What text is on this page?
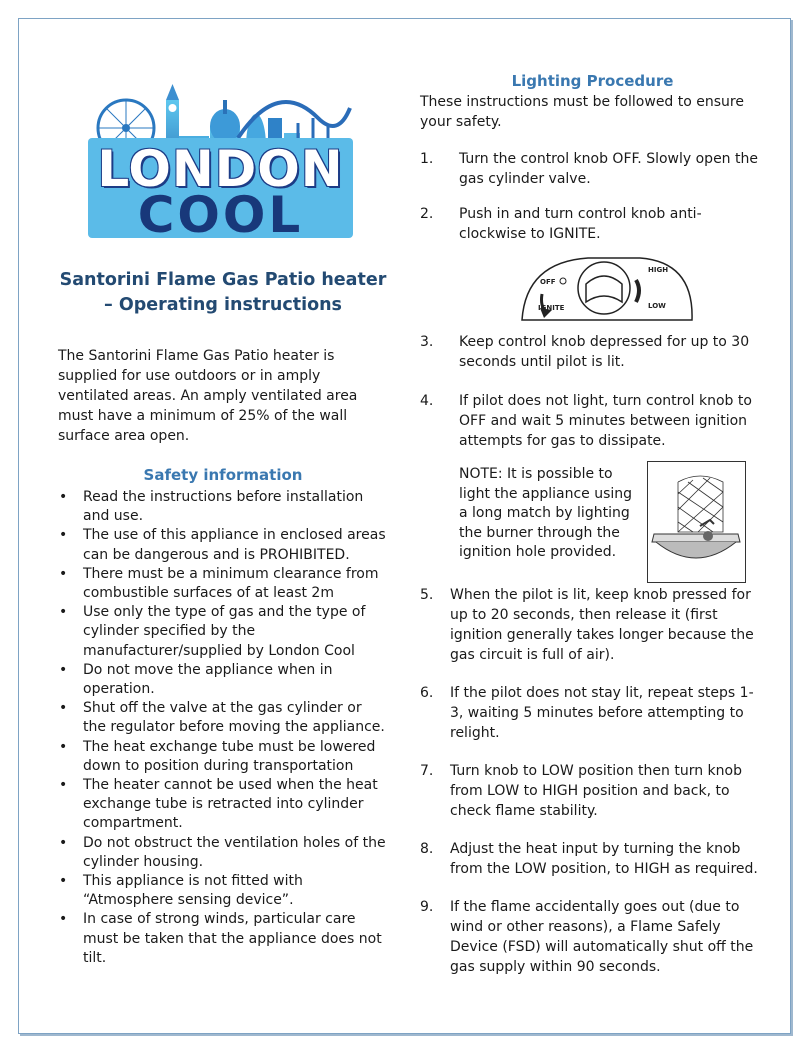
LONDON
COOL
Santorini Flame Gas Patio heater – Operating instructions

The Santorini Flame Gas Patio heater is supplied for use outdoors or in amply ventilated areas. An amply ventilated area must have a minimum of 25% of the wall surface area open.

Safety information
• Read the instructions before installation and use.
• The use of this appliance in enclosed areas can be dangerous and is PROHIBITED.
• There must be a minimum clearance from combustible surfaces of at least 2m
• Use only the type of gas and the type of cylinder specified by the manufacturer/supplied by London Cool
• Do not move the appliance when in operation.
• Shut off the valve at the gas cylinder or the regulator before moving the appliance.
• The heat exchange tube must be lowered down to position during transportation
• The heater cannot be used when the heat exchange tube is retracted into cylinder compartment.
• Do not obstruct the ventilation holes of the cylinder housing.
• This appliance is not fitted with “Atmosphere sensing device”.
• In case of strong winds, particular care must be taken that the appliance does not tilt.
Lighting Procedure

These instructions must be followed to ensure your safety.

1. Turn the control knob OFF. Slowly open the gas cylinder valve.
2. Push in and turn control knob anti-clockwise to IGNITE.
OFF
IGNITE
HIGH
LOW
3. Keep control knob depressed for up to 30 seconds until pilot is lit.
4. If pilot does not light, turn control knob to OFF and wait 5 minutes between ignition attempts for gas to dissipate.
NOTE: It is possible to light the appliance using a long match by lighting the burner through the ignition hole provided.
5. When the pilot is lit, keep knob pressed for up to 20 seconds, then release it (first ignition generally takes longer because the gas circuit is full of air).
6. If the pilot does not stay lit, repeat steps 1-3, waiting 5 minutes before attempting to relight.
7. Turn knob to LOW position then turn knob from LOW to HIGH position and back, to check flame stability.
8. Adjust the heat input by turning the knob from the LOW position, to HIGH as required.
9. If the flame accidentally goes out (due to wind or other reasons), a Flame Safely Device (FSD) will automatically shut off the gas supply within 90 seconds.
